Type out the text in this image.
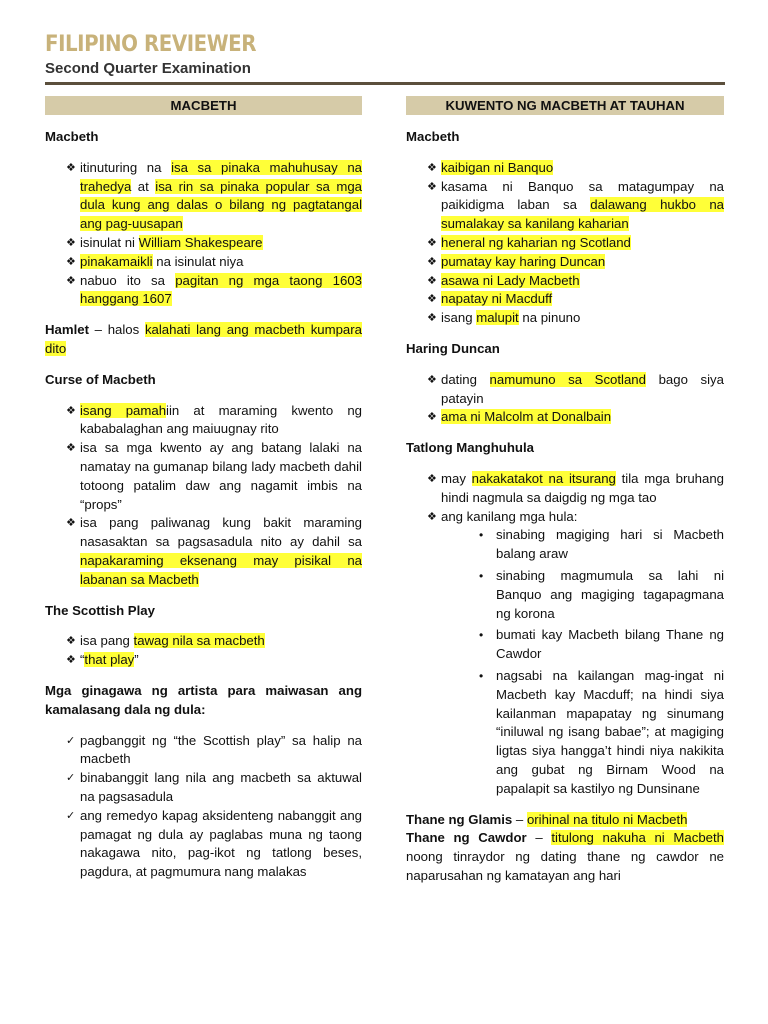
FILIPINO REVIEWER
Second Quarter Examination
MACBETH
Macbeth
❖ itinuturing na isa sa pinaka mahuhusay na trahedya at isa rin sa pinaka popular sa mga dula kung ang dalas o bilang ng pagtatangal ang pag-uusapan
❖ isinulat ni William Shakespeare
❖ pinakamaikli na isinulat niya
❖ nabuo ito sa pagitan ng mga taong 1603 hanggang 1607

Hamlet – halos kalahati lang ang macbeth kumpara dito

Curse of Macbeth
❖ isang pamahiin at maraming kwento ng kababalaghan ang maiuugnay rito
❖ isa sa mga kwento ay ang batang lalaki na namatay na gumanap bilang lady macbeth dahil totoong patalim daw ang nagamit imbis na “props”
❖ isa pang paliwanag kung bakit maraming nasasaktan sa pagsasadula nito ay dahil sa napakaraming eksenang may pisikal na labanan sa Macbeth
The Scottish Play
❖ isa pang tawag nila sa macbeth
❖ “that play”
Mga ginagawa ng artista para maiwasan ang kamalasang dala ng dula:
✓ pagbanggit ng “the Scottish play” sa halip na macbeth
✓ binabanggit lang nila ang macbeth sa aktuwal na pagsasadula
✓ ang remedyo kapag aksidenteng nabanggit ang pamagat ng dula ay paglabas muna ng taong nakagawa nito, pag-ikot ng tatlong beses, pagdura, at pagmumura nang malakas
KUWENTO NG MACBETH AT TAUHAN
Macbeth
❖ kaibigan ni Banquo
❖ kasama ni Banquo sa matagumpay na paikidigma laban sa dalawang hukbo na sumalakay sa kanilang kaharian
❖ heneral ng kaharian ng Scotland
❖ pumatay kay haring Duncan
❖ asawa ni Lady Macbeth
❖ napatay ni Macduff
❖ isang malupit na pinuno
Haring Duncan
❖ dating namumuno sa Scotland bago siya patayin
❖ ama ni Malcolm at Donalbain
Tatlong Manghuhula
❖ may nakakatakot na itsurang tila mga bruhang hindi nagmula sa daigdig ng mga tao
❖ ang kanilang mga hula:
• sinabing magiging hari si Macbeth balang araw
• sinabing magmumula sa lahi ni Banquo ang magiging tagapagmana ng korona
• bumati kay Macbeth bilang Thane ng Cawdor
• nagsabi na kailangan mag-ingat ni Macbeth kay Macduff; na hindi siya kailanman mapapatay ng sinumang “iniluwal ng isang babae”; at magiging ligtas siya hangga’t hindi niya nakikita ang gubat ng Birnam Wood na papalapit sa kastilyo ng Dunsinane

Thane ng Glamis – orihinal na titulo ni Macbeth

Thane ng Cawdor – titulong nakuha ni Macbeth noong tinraydor ng dating thane ng cawdor ne naparusahan ng kamatayan ang hari
